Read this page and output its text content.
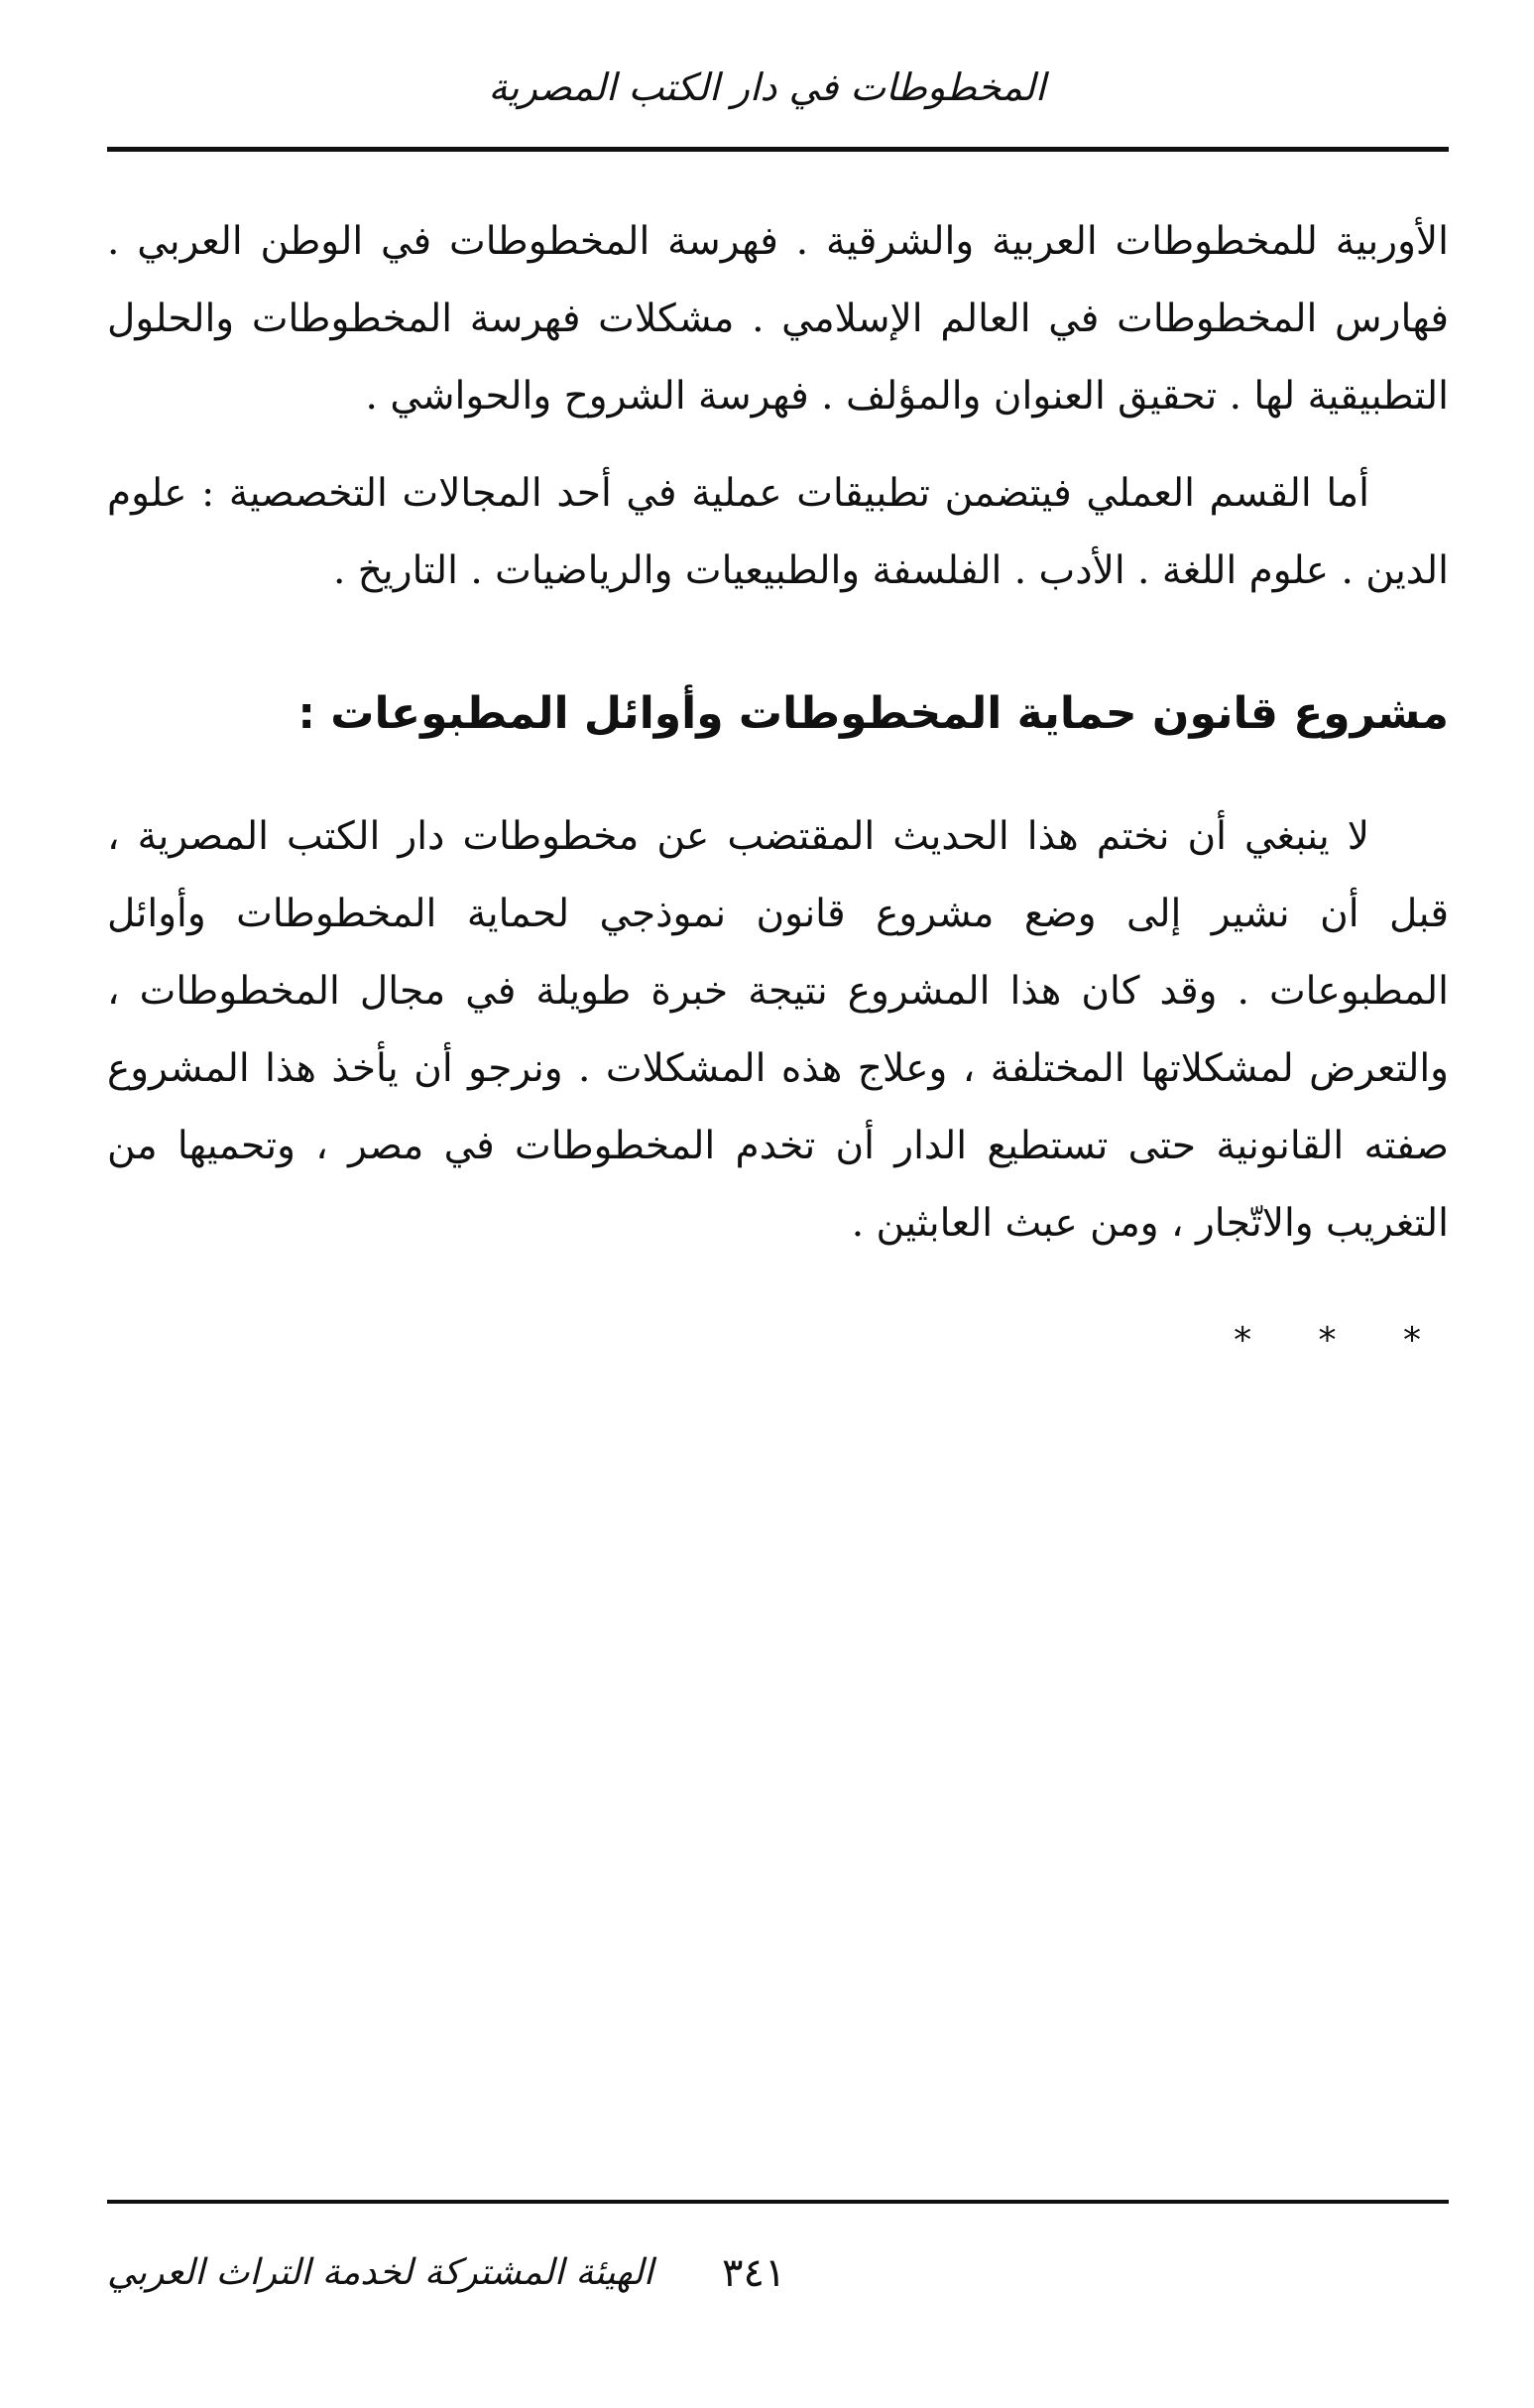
المخطوطات في دار الكتب المصرية

الأوربية للمخطوطات العربية والشرقية . فهرسة المخطوطات في الوطن العربي . فهارس المخطوطات في العالم الإسلامي . مشكلات فهرسة المخطوطات والحلول التطبيقية لها . تحقيق العنوان والمؤلف . فهرسة الشروح والحواشي .

أما القسم العملي فيتضمن تطبيقات عملية في أحد المجالات التخصصية : علوم الدين . علوم اللغة . الأدب . الفلسفة والطبيعيات والرياضيات . التاريخ .

مشروع قانون حماية المخطوطات وأوائل المطبوعات :

لا ينبغي أن نختم هذا الحديث المقتضب عن مخطوطات دار الكتب المصرية ، قبل أن نشير إلى وضع مشروع قانون نموذجي لحماية المخطوطات وأوائل المطبوعات . وقد كان هذا المشروع نتيجة خبرة طويلة في مجال المخطوطات ، والتعرض لمشكلاتها المختلفة ، وعلاج هذه المشكلات . ونرجو أن يأخذ هذا المشروع صفته القانونية حتى تستطيع الدار أن تخدم المخطوطات في مصر ، وتحميها من التغريب والاتّجار ، ومن عبث العابثين .

* * *
٣٤١
الهيئة المشتركة لخدمة التراث العربي
